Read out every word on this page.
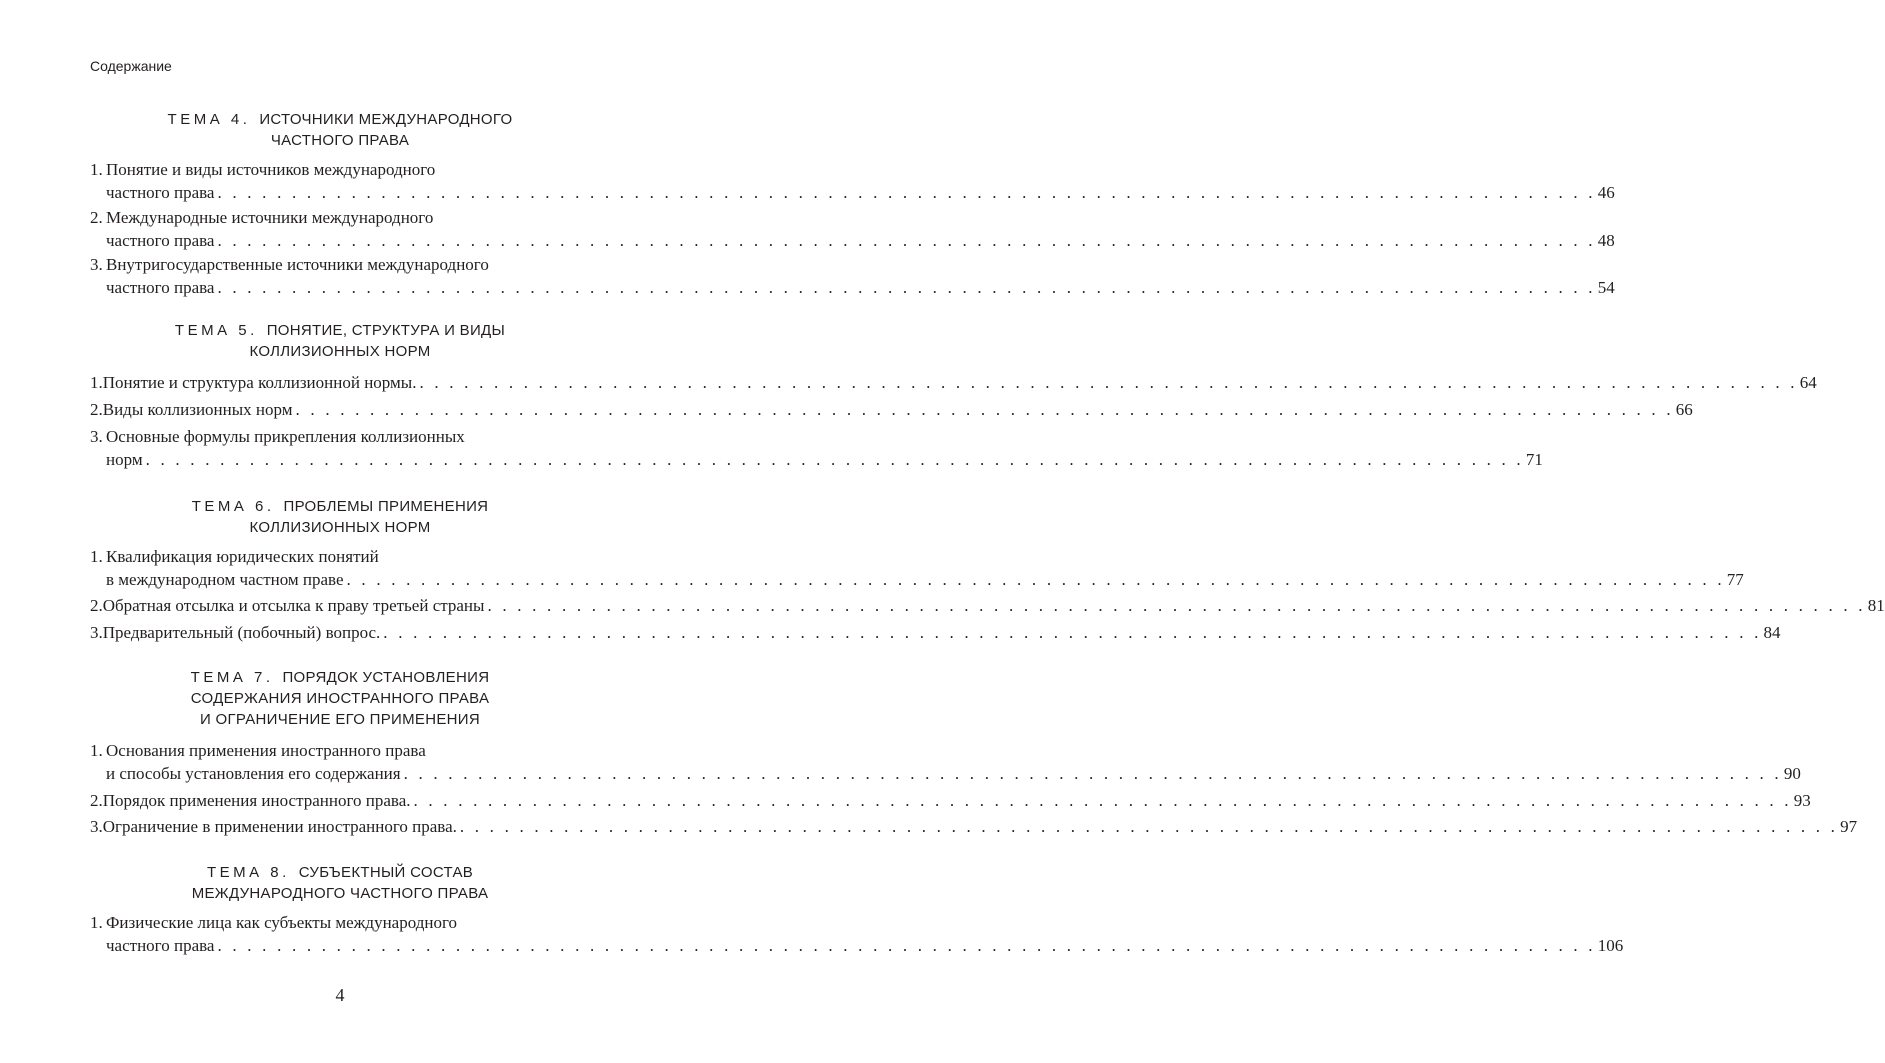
Содержание
ТЕМА 4. ИСТОЧНИКИ МЕЖДУНАРОДНОГО
ЧАСТНОГО ПРАВА
1. Понятие и виды источников международного
частного права . . . . . . . . . . . . . . . . . . . . . . . . . . . . . . . . . . . . . . . . . . . . . . . . . . . . . . . . . . . . . . . . . . . . . . . . . . . . . . . . . . . . . . . . . . . . . 46
2. Международные источники международного
частного права . . . . . . . . . . . . . . . . . . . . . . . . . . . . . . . . . . . . . . . . . . . . . . . . . . . . . . . . . . . . . . . . . . . . . . . . . . . . . . . . . . . . . . . . . . . . . 48
3. Внутригосударственные источники международного
частного права . . . . . . . . . . . . . . . . . . . . . . . . . . . . . . . . . . . . . . . . . . . . . . . . . . . . . . . . . . . . . . . . . . . . . . . . . . . . . . . . . . . . . . . . . . . . . 54
ТЕМА 5. ПОНЯТИЕ, СТРУКТУРА И ВИДЫ
КОЛЛИЗИОННЫХ НОРМ
1. Понятие и структура коллизионной нормы. . . . . . . . . . . . . . . . . . . . . . . . . . . . . . . . . . . . . . . . . . . . . . . . . . . . . . . . . . . . . . . . . . . . . . . . . . . . . . . . . . . . . . . . . . . . . . 64
2. Виды коллизионных норм . . . . . . . . . . . . . . . . . . . . . . . . . . . . . . . . . . . . . . . . . . . . . . . . . . . . . . . . . . . . . . . . . . . . . . . . . . . . . . . . . . . . . . . . . . . . . 66
3. Основные формулы прикрепления коллизионных
норм . . . . . . . . . . . . . . . . . . . . . . . . . . . . . . . . . . . . . . . . . . . . . . . . . . . . . . . . . . . . . . . . . . . . . . . . . . . . . . . . . . . . . . . . . . . . . 71
ТЕМА 6. ПРОБЛЕМЫ ПРИМЕНЕНИЯ
КОЛЛИЗИОННЫХ НОРМ
1. Квалификация юридических понятий
в международном частном праве . . . . . . . . . . . . . . . . . . . . . . . . . . . . . . . . . . . . . . . . . . . . . . . . . . . . . . . . . . . . . . . . . . . . . . . . . . . . . . . . . . . . . . . . . . . . . 77
2. Обратная отсылка и отсылка к праву третьей страны . . . . . . . . . . . . . . . . . . . . . . . . . . . . . . . . . . . . . . . . . . . . . . . . . . . . . . . . . . . . . . . . . . . . . . . . . . . . . . . . . . . . . . . . . . . . . 81
3. Предварительный (побочный) вопрос. . . . . . . . . . . . . . . . . . . . . . . . . . . . . . . . . . . . . . . . . . . . . . . . . . . . . . . . . . . . . . . . . . . . . . . . . . . . . . . . . . . . . . . . . . . . . . 84
ТЕМА 7. ПОРЯДОК УСТАНОВЛЕНИЯ
СОДЕРЖАНИЯ ИНОСТРАННОГО ПРАВА
И ОГРАНИЧЕНИЕ ЕГО ПРИМЕНЕНИЯ
1. Основания применения иностранного права
и способы установления его содержания . . . . . . . . . . . . . . . . . . . . . . . . . . . . . . . . . . . . . . . . . . . . . . . . . . . . . . . . . . . . . . . . . . . . . . . . . . . . . . . . . . . . . . . . . . . . . 90
2. Порядок применения иностранного права. . . . . . . . . . . . . . . . . . . . . . . . . . . . . . . . . . . . . . . . . . . . . . . . . . . . . . . . . . . . . . . . . . . . . . . . . . . . . . . . . . . . . . . . . . . . . . 93
3. Ограничение в применении иностранного права. . . . . . . . . . . . . . . . . . . . . . . . . . . . . . . . . . . . . . . . . . . . . . . . . . . . . . . . . . . . . . . . . . . . . . . . . . . . . . . . . . . . . . . . . . . . . . 97
ТЕМА 8. СУБЪЕКТНЫЙ СОСТАВ
МЕЖДУНАРОДНОГО ЧАСТНОГО ПРАВА
1. Физические лица как субъекты международного
частного права . . . . . . . . . . . . . . . . . . . . . . . . . . . . . . . . . . . . . . . . . . . . . . . . . . . . . . . . . . . . . . . . . . . . . . . . . . . . . . . . . . . . . . . . . . . . . 106
4
